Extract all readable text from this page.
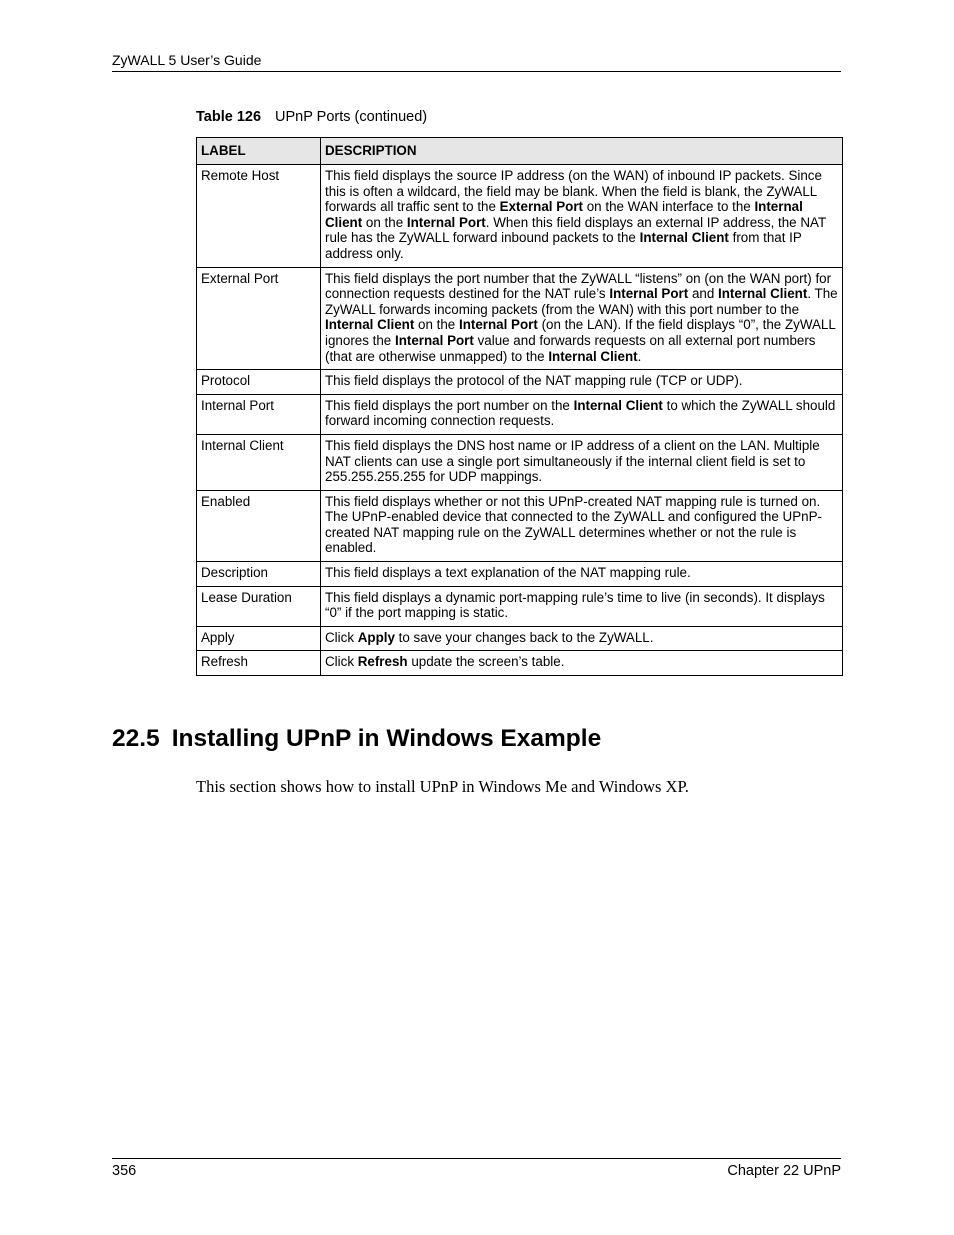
ZyWALL 5 User’s Guide
Table 126 UPnP Ports (continued)
LABEL	DESCRIPTION
Remote Host	This field displays the source IP address (on the WAN) of inbound IP packets. Since this is often a wildcard, the field may be blank. When the field is blank, the ZyWALL forwards all traffic sent to the External Port on the WAN interface to the Internal Client on the Internal Port. When this field displays an external IP address, the NAT rule has the ZyWALL forward inbound packets to the Internal Client from that IP address only.
External Port	This field displays the port number that the ZyWALL “listens” on (on the WAN port) for connection requests destined for the NAT rule’s Internal Port and Internal Client. The ZyWALL forwards incoming packets (from the WAN) with this port number to the Internal Client on the Internal Port (on the LAN). If the field displays “0”, the ZyWALL ignores the Internal Port value and forwards requests on all external port numbers (that are otherwise unmapped) to the Internal Client.
Protocol	This field displays the protocol of the NAT mapping rule (TCP or UDP).
Internal Port	This field displays the port number on the Internal Client to which the ZyWALL should forward incoming connection requests.
Internal Client	This field displays the DNS host name or IP address of a client on the LAN. Multiple NAT clients can use a single port simultaneously if the internal client field is set to 255.255.255.255 for UDP mappings.
Enabled	This field displays whether or not this UPnP-created NAT mapping rule is turned on. The UPnP-enabled device that connected to the ZyWALL and configured the UPnP-created NAT mapping rule on the ZyWALL determines whether or not the rule is enabled.
Description	This field displays a text explanation of the NAT mapping rule.
Lease Duration	This field displays a dynamic port-mapping rule’s time to live (in seconds). It displays “0” if the port mapping is static.
Apply	Click Apply to save your changes back to the ZyWALL.
Refresh	Click Refresh update the screen’s table.
22.5 Installing UPnP in Windows Example
This section shows how to install UPnP in Windows Me and Windows XP.
356	Chapter 22 UPnP
